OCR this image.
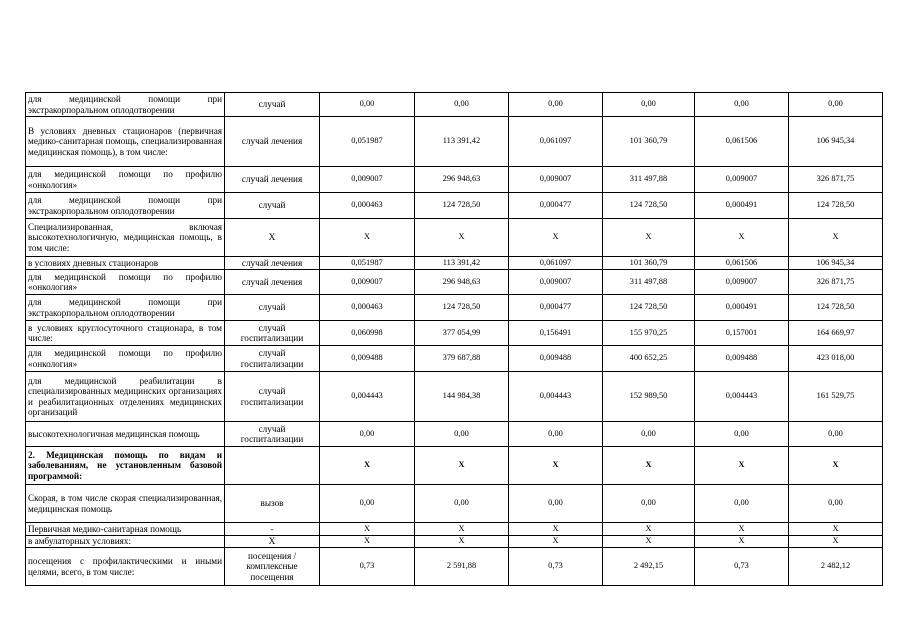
для медицинской помощи при экстракорпоральном оплодотворении	случай	0,00	0,00	0,00	0,00	0,00	0,00
В условиях дневных стационаров (первичная медико-санитарная помощь, специализированная медицинская помощь), в том числе:	случай лечения	0,051987	113 391,42	0,061097	101 360,79	0,061506	106 945,34
для медицинской помощи по профилю «онкология»	случай лечения	0,009007	296 948,63	0,009007	311 497,88	0,009007	326 871,75
для медицинской помощи при экстракорпоральном оплодотворении	случай	0,000463	124 728,50	0,000477	124 728,50	0,000491	124 728,50
Специализированная, включая высокотехнологичную, медицинская помощь, в том числе:	Х	Х	Х	Х	Х	Х	Х
в условиях дневных стационаров	случай лечения	0,051987	113 391,42	0,061097	101 360,79	0,061506	106 945,34
для медицинской помощи по профилю «онкология»	случай лечения	0,009007	296 948,63	0,009007	311 497,88	0,009007	326 871,75
для медицинской помощи при экстракорпоральном оплодотворении	случай	0,000463	124 728,50	0,000477	124 728,50	0,000491	124 728,50
в условиях круглосуточного стационара, в том числе:	случай госпитализации	0,060998	377 054,99	0,156491	155 970,25	0,157001	164 669,97
для медицинской помощи по профилю «онкология»	случай госпитализации	0,009488	379 687,88	0,009488	400 652,25	0,009488	423 018,00
для медицинской реабилитации в специализированных медицинских организациях и реабилитационных отделениях медицинских организаций	случай госпитализации	0,004443	144 984,38	0,004443	152 989,50	0,004443	161 529,75
высокотехнологичная медицинская помощь	случай госпитализации	0,00	0,00	0,00	0,00	0,00	0,00
2. Медицинская помощь по видам и заболеваниям, не установленным базовой программой:		Х	Х	Х	Х	Х	Х
Скорая, в том числе скорая специализированная, медицинская помощь	вызов	0,00	0,00	0,00	0,00	0,00	0,00
Первичная медико-санитарная помощь	-	Х	Х	Х	Х	Х	Х
в амбулаторных условиях:	Х	Х	Х	Х	Х	Х	Х
посещения с профилактическими и иными целями, всего, в том числе:	посещения / комплексные посещения	0,73	2 591,88	0,73	2 492,15	0,73	2 482,12
